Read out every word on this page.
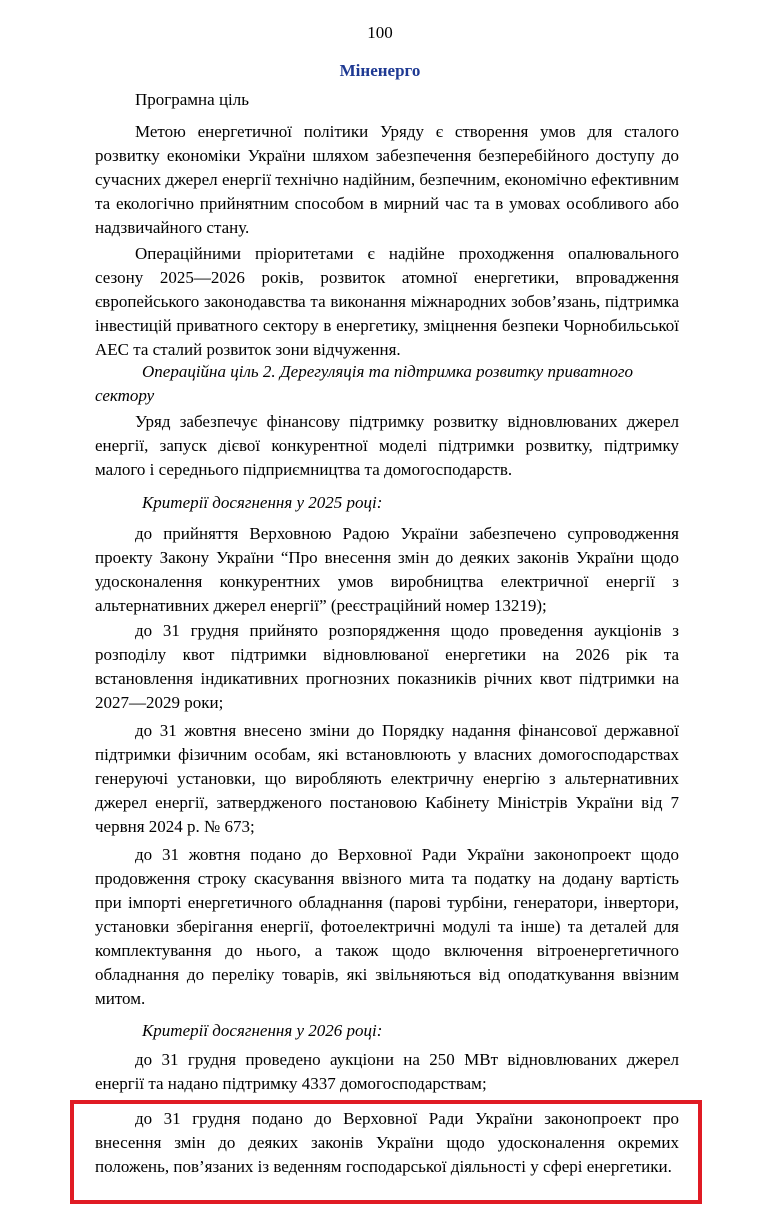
100
Міненерго
Програмна ціль
Метою енергетичної політики Уряду є створення умов для сталого розвитку економіки України шляхом забезпечення безперебійного доступу до сучасних джерел енергії технічно надійним, безпечним, економічно ефективним та екологічно прийнятним способом в мирний час та в умовах особливого або надзвичайного стану.
Операційними пріоритетами є надійне проходження опалювального сезону 2025—2026 років, розвиток атомної енергетики, впровадження європейського законодавства та виконання міжнародних зобов’язань, підтримка інвестицій приватного сектору в енергетику, зміцнення безпеки Чорнобильської АЕС та сталий розвиток зони відчуження.
Операційна ціль 2. Дерегуляція та підтримка розвитку приватного сектору
Уряд забезпечує фінансову підтримку розвитку відновлюваних джерел енергії, запуск дієвої конкурентної моделі підтримки розвитку, підтримку малого і середнього підприємництва та домогосподарств.
Критерії досягнення у 2025 році:
до прийняття Верховною Радою України забезпечено супроводження проекту Закону України “Про внесення змін до деяких законів України щодо удосконалення конкурентних умов виробництва електричної енергії з альтернативних джерел енергії” (реєстраційний номер 13219);
до 31 грудня прийнято розпорядження щодо проведення аукціонів з розподілу квот підтримки відновлюваної енергетики на 2026 рік та встановлення індикативних прогнозних показників річних квот підтримки на 2027—2029 роки;
до 31 жовтня внесено зміни до Порядку надання фінансової державної підтримки фізичним особам, які встановлюють у власних домогосподарствах генеруючі установки, що виробляють електричну енергію з альтернативних джерел енергії, затвердженого постановою Кабінету Міністрів України від 7 червня 2024 р. № 673;
до 31 жовтня подано до Верховної Ради України законопроект щодо продовження строку скасування ввізного мита та податку на додану вартість при імпорті енергетичного обладнання (парові турбіни, генератори, інвертори, установки зберігання енергії, фотоелектричні модулі та інше) та деталей для комплектування до нього, а також щодо включення вітроенергетичного обладнання до переліку товарів, які звільняються від оподаткування ввізним митом.
Критерії досягнення у 2026 році:
до 31 грудня проведено аукціони на 250 МВт відновлюваних джерел енергії та надано підтримку 4337 домогосподарствам;
до 31 грудня подано до Верховної Ради України законопроект про внесення змін до деяких законів України щодо удосконалення окремих положень, пов’язаних із веденням господарської діяльності у сфері енергетики.
